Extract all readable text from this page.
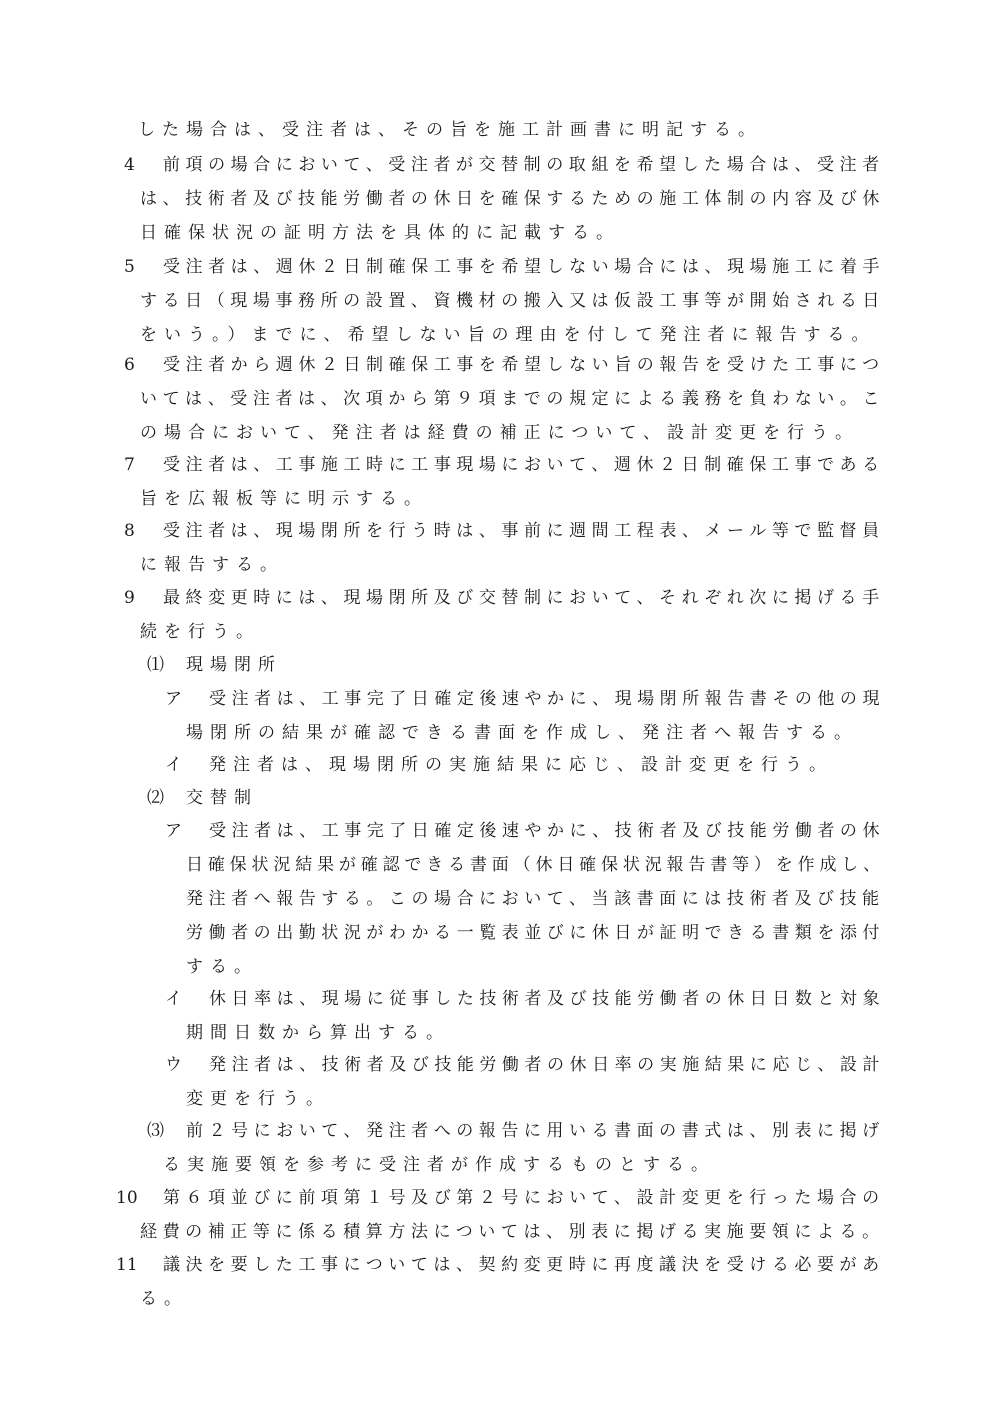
した場合は、受注者は、その旨を施工計画書に明記する。
4 前項の場合において、受注者が交替制の取組を希望した場合は、受注者
は、技術者及び技能労働者の休日を確保するための施工体制の内容及び休
日確保状況の証明方法を具体的に記載する。
5 受注者は、週休２日制確保工事を希望しない場合には、現場施工に着手
する日（現場事務所の設置、資機材の搬入又は仮設工事等が開始される日
をいう。）までに、希望しない旨の理由を付して発注者に報告する。
6 受注者から週休２日制確保工事を希望しない旨の報告を受けた工事につ
いては、受注者は、次項から第９項までの規定による義務を負わない。こ
の場合において、発注者は経費の補正について、設計変更を行う。
7 受注者は、工事施工時に工事現場において、週休２日制確保工事である
旨を広報板等に明示する。
8 受注者は、現場閉所を行う時は、事前に週間工程表、メール等で監督員
に報告する。
9 最終変更時には、現場閉所及び交替制において、それぞれ次に掲げる手
続を行う。
⑴ 現場閉所
ア 受注者は、工事完了日確定後速やかに、現場閉所報告書その他の現
場閉所の結果が確認できる書面を作成し、発注者へ報告する。
イ 発注者は、現場閉所の実施結果に応じ、設計変更を行う。
⑵ 交替制
ア 受注者は、工事完了日確定後速やかに、技術者及び技能労働者の休
日確保状況結果が確認できる書面（休日確保状況報告書等）を作成し、
発注者へ報告する。この場合において、当該書面には技術者及び技能
労働者の出勤状況がわかる一覧表並びに休日が証明できる書類を添付
する。
イ 休日率は、現場に従事した技術者及び技能労働者の休日日数と対象
期間日数から算出する。
ウ 発注者は、技術者及び技能労働者の休日率の実施結果に応じ、設計
変更を行う。
⑶ 前２号において、発注者への報告に用いる書面の書式は、別表に掲げ
る実施要領を参考に受注者が作成するものとする。
10 第６項並びに前項第１号及び第２号において、設計変更を行った場合の
経費の補正等に係る積算方法については、別表に掲げる実施要領による。
11 議決を要した工事については、契約変更時に再度議決を受ける必要があ
る。
